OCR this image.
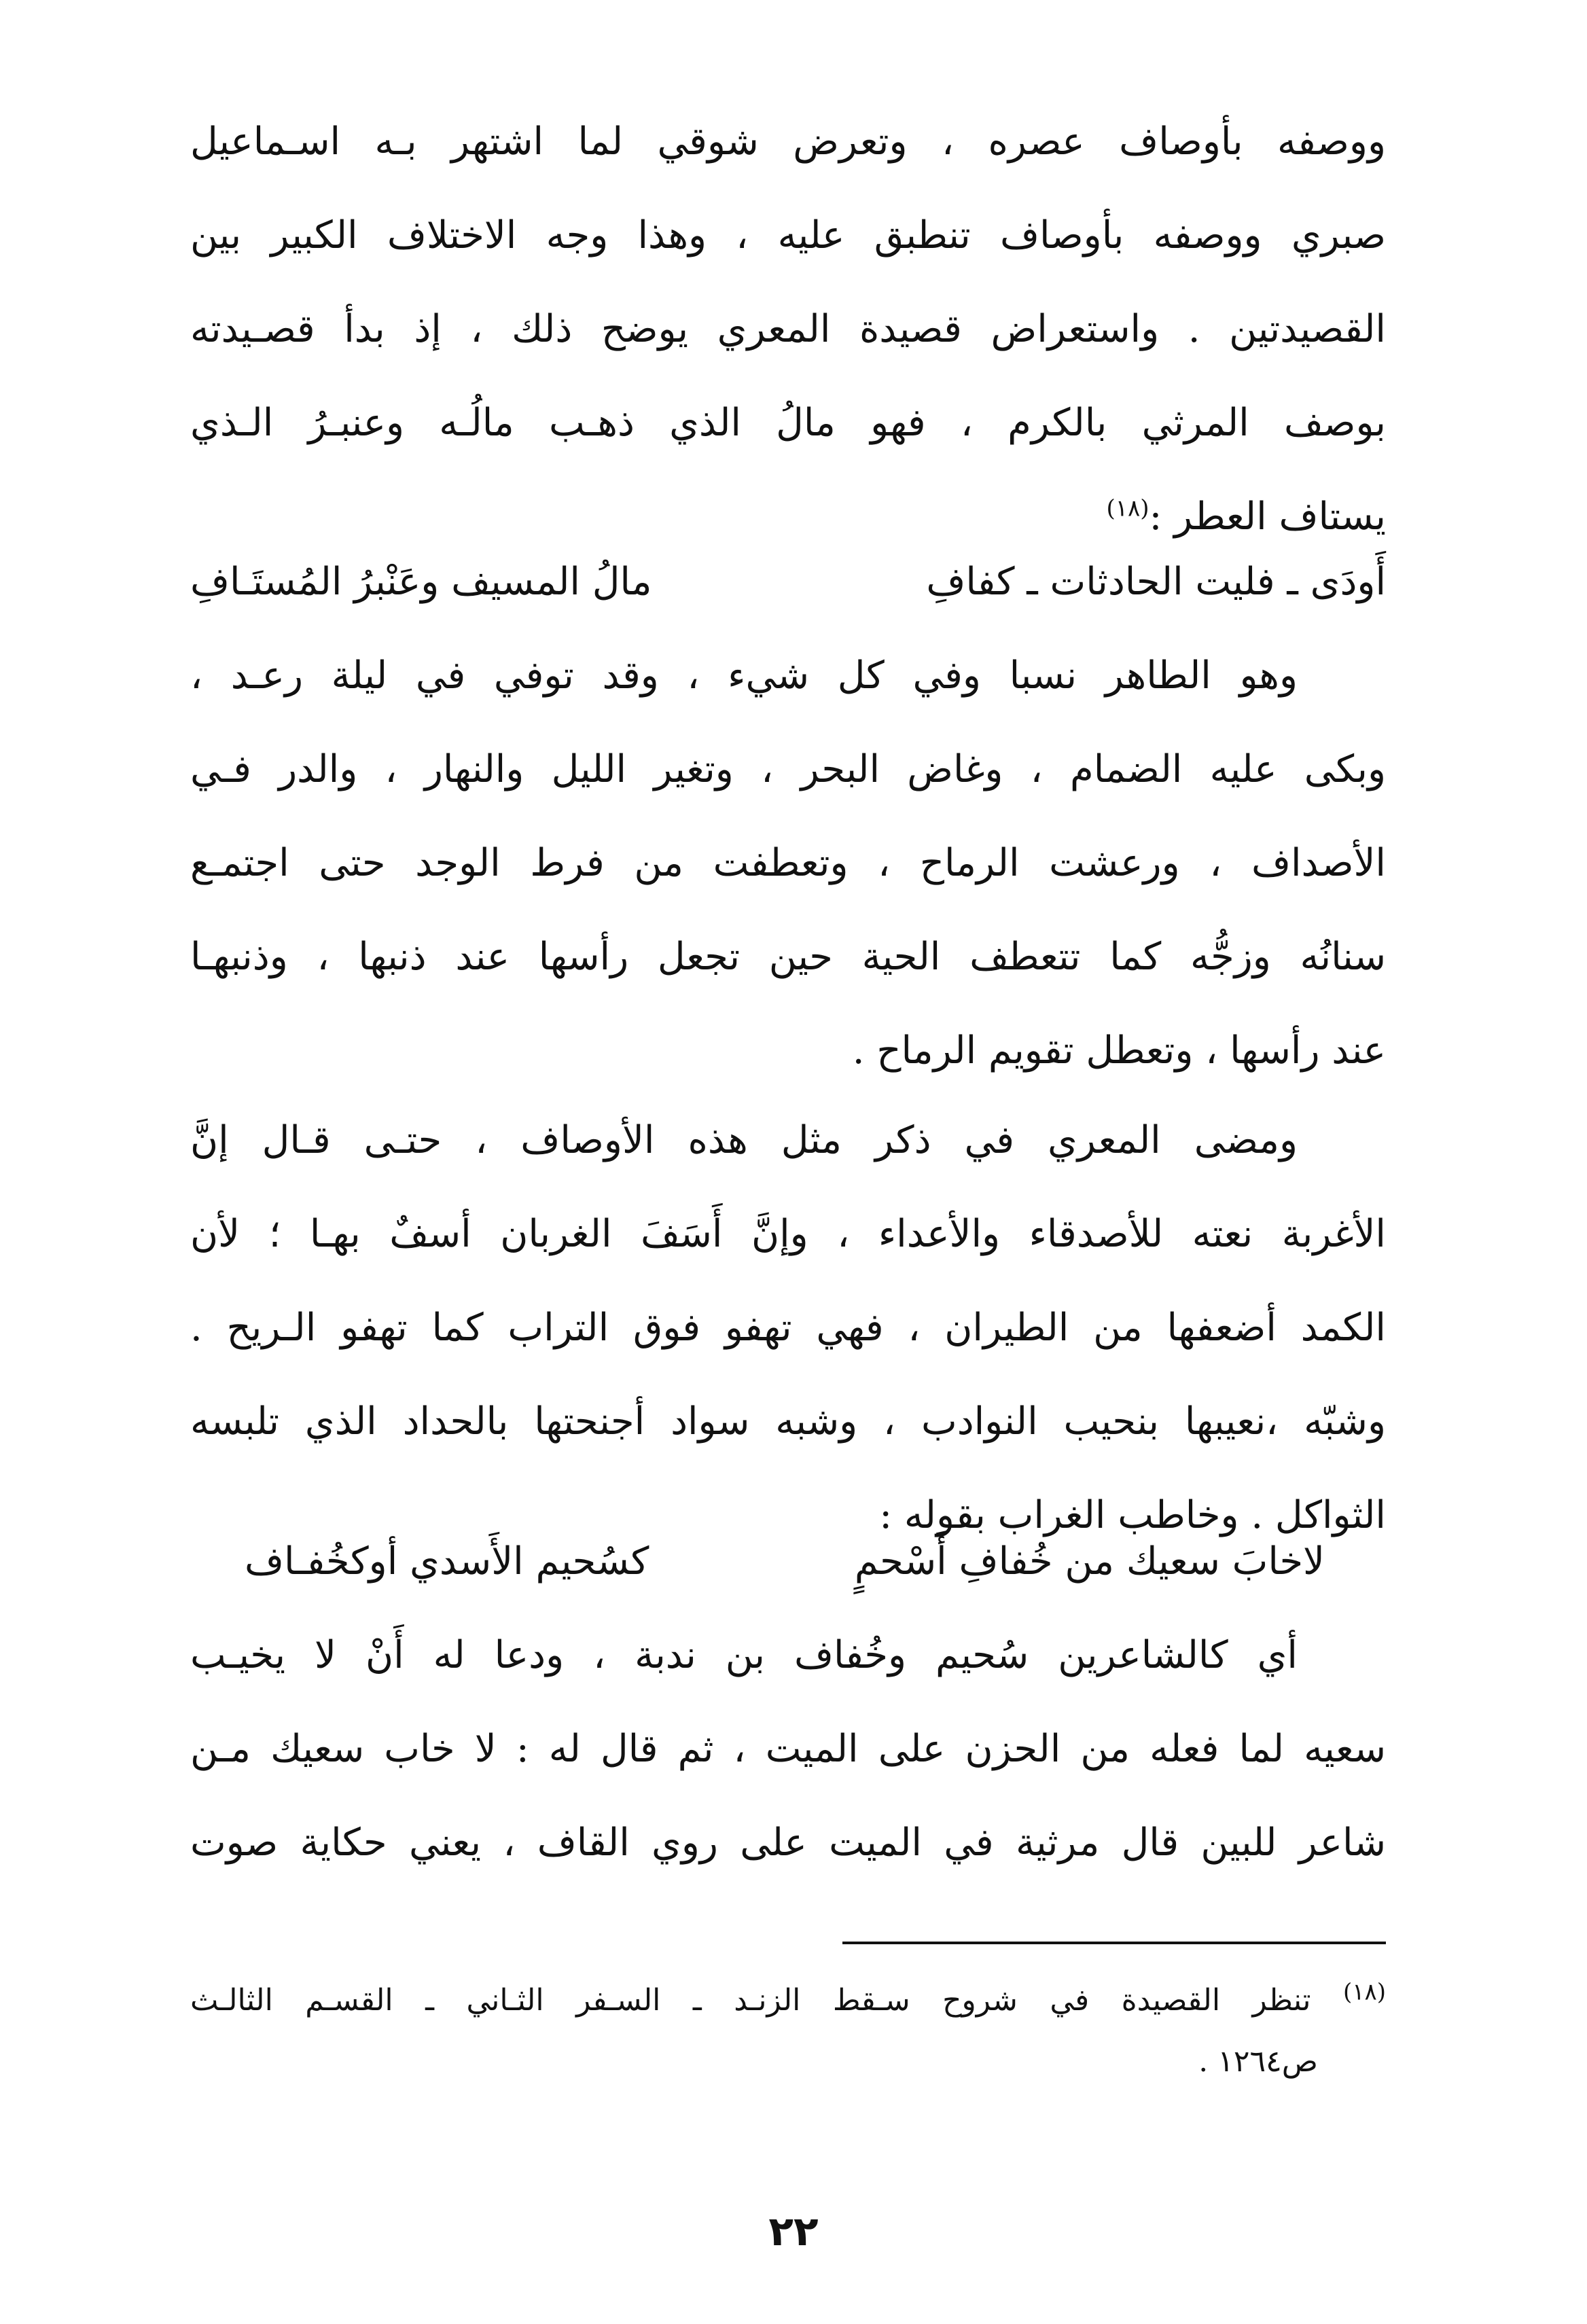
ووصفه بأوصاف عصره ، وتعرض شوقي لما اشتهر بـه اسـماعيل
صبري ووصفه بأوصاف تنطبق عليه ، وهذا وجه الاختلاف الكبير بين
القصيدتين . واستعراض قصيدة المعري يوضح ذلك ، إذ بدأ قصـيدته
بوصف المرثي بالكرم ، فهو مالُ الذي ذهـب مالُـه وعنبـرُ الـذي
يستاف العطر :$^{(١٨)}$
أَودَى ـ فليت الحادثات ـ كفافِ
مالُ المسيف وعَنْبرُ المُستَـافِ
وهو الطاهر نسبا وفي كل شيء ، وقد توفي في ليلة رعـد ،
وبكى عليه الضمام ، وغاض البحر ، وتغير الليل والنهار ، والدر فـي
الأصداف ، ورعشت الرماح ، وتعطفت من فرط الوجد حتى اجتمـع
سنانُه وزجُّه كما تتعطف الحية حين تجعل رأسها عند ذنبها ، وذنبهـا
عند رأسها ، وتعطل تقويم الرماح .
ومضى المعري في ذكر مثل هذه الأوصاف ، حتـى قـال إنَّ
الأغربة نعته للأصدقاء والأعداء ، وإنَّ أَسَفَ الغربان أسفٌ بهـا ؛ لأن
الكمد أضعفها من الطيران ، فهي تهفو فوق التراب كما تهفو الـريح .
وشبّه ،نعيبها بنحيب النوادب ، وشبه سواد أجنحتها بالحداد الذي تلبسه
الثواكل . وخاطب الغراب بقوله :
لاخابَ سعيك من خُفافِ أَسْحمٍ
كسُحيم الأَسدي أوكخُفـاف
أي كالشاعرين سُحيم وخُفاف بن ندبة ، ودعا له أَنْ لا يخيـب
سعيه لما فعله من الحزن على الميت ، ثم قال له : لا خاب سعيك مـن
شاعر للبين قال مرثية في الميت على روي القاف ، يعني حكاية صوت
$^{(١٨)}$ تنظر القصيدة في شروح سـقط الزنـد ـ السـفر الثـاني ـ القسـم الثالـث
ص١٢٦٤ .
٢٢
